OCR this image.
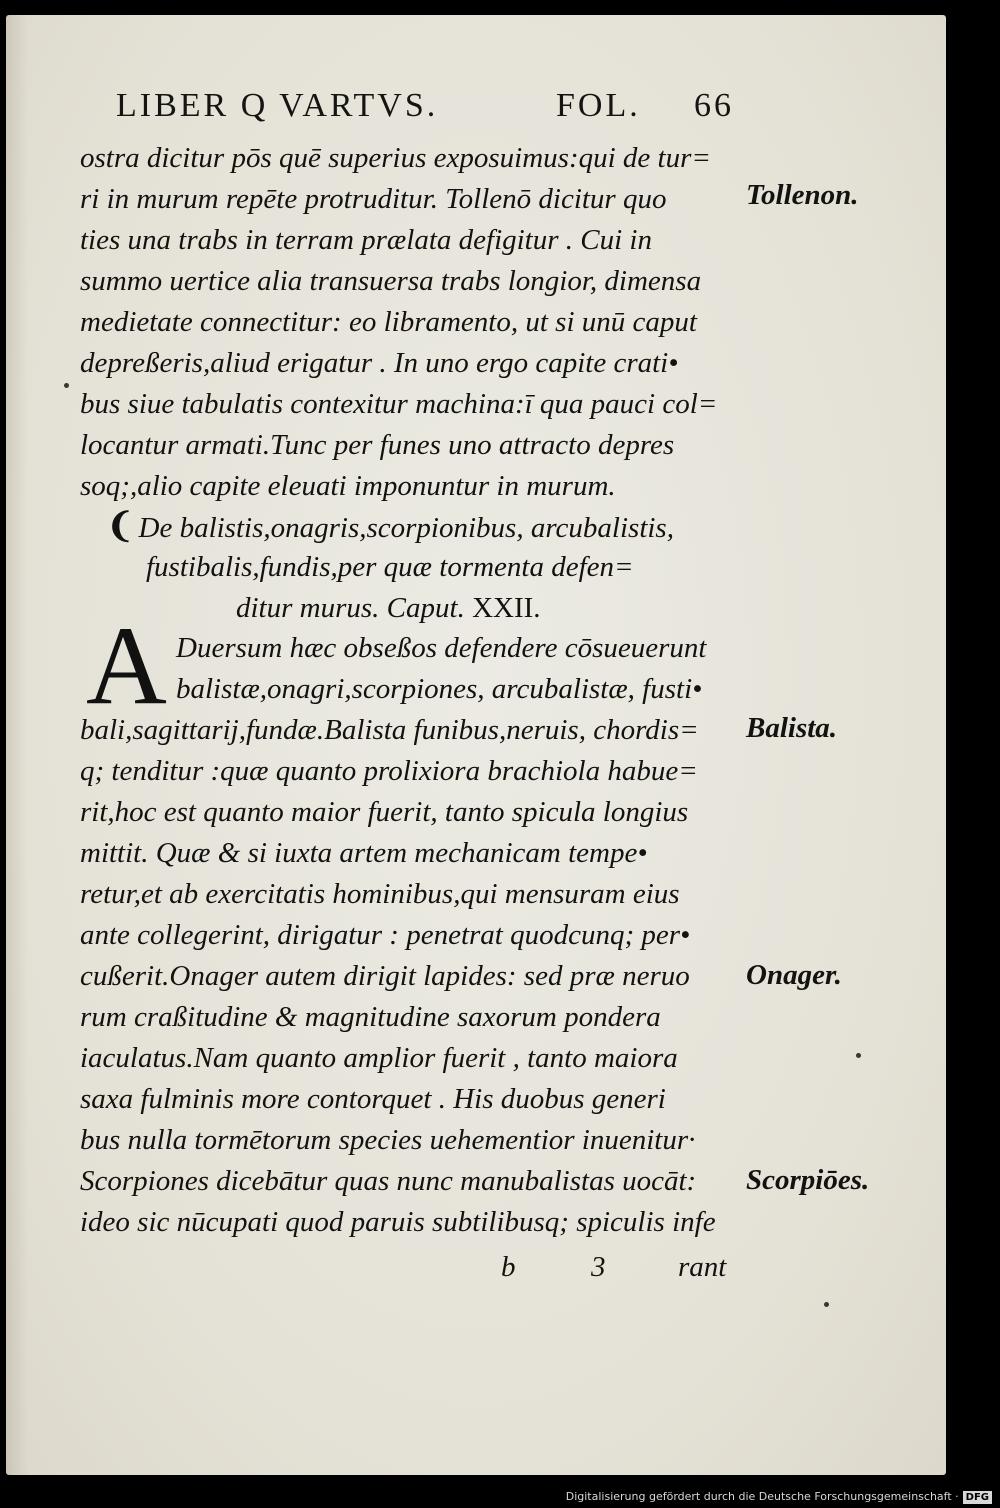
LIBER Q VARTVS.	FOL. 66
ostra dicitur pōs quē superius exposuimus:qui de tur=
ri in murum repēte protruditur. Tollenō dicitur quo
ties una trabs in terram prælata defigitur . Cui in
summo uertice alia transuersa trabs longior, dimensa
medietate connectitur: eo libramento, ut si unū caput
depreßeris,aliud erigatur . In uno ergo capite crati•
bus siue tabulatis contexitur machina:ī qua pauci col=
locantur armati.Tunc per funes uno attracto depres
soq;,alio capite eleuati imponuntur in murum.
❨ De balistis,onagris,scorpionibus, arcubalistis,
fustibalis,fundis,per quæ tormenta defen=
ditur murus. Caput. XXII.
A Duersum hæc obseßos defendere cōsueuerunt
balistæ,onagri,scorpiones, arcubalistæ, fusti•
bali,sagittarij,fundæ.Balista funibus,neruis, chordis=
q; tenditur :quæ quanto prolixiora brachiola habue=
rit,hoc est quanto maior fuerit, tanto spicula longius
mittit. Quæ & si iuxta artem mechanicam tempe•
retur,et ab exercitatis hominibus,qui mensuram eius
ante collegerint, dirigatur : penetrat quodcunq; per•
cußerit.Onager autem dirigit lapides: sed præ neruo
rum craßitudine & magnitudine saxorum pondera
iaculatus.Nam quanto amplior fuerit , tanto maiora
saxa fulminis more contorquet . His duobus generi
bus nulla tormētorum species uehementior inuenitur·
Scorpiones dicebātur quas nunc manubalistas uocāt:
ideo sic nūcupati quod paruis subtilibusq; spiculis infe
b	3	rant
Tollenon.
Balista.
Onager.
Scorpiōes.
Digitalisierung gefördert durch die Deutsche Forschungsgemeinschaft · DFG
